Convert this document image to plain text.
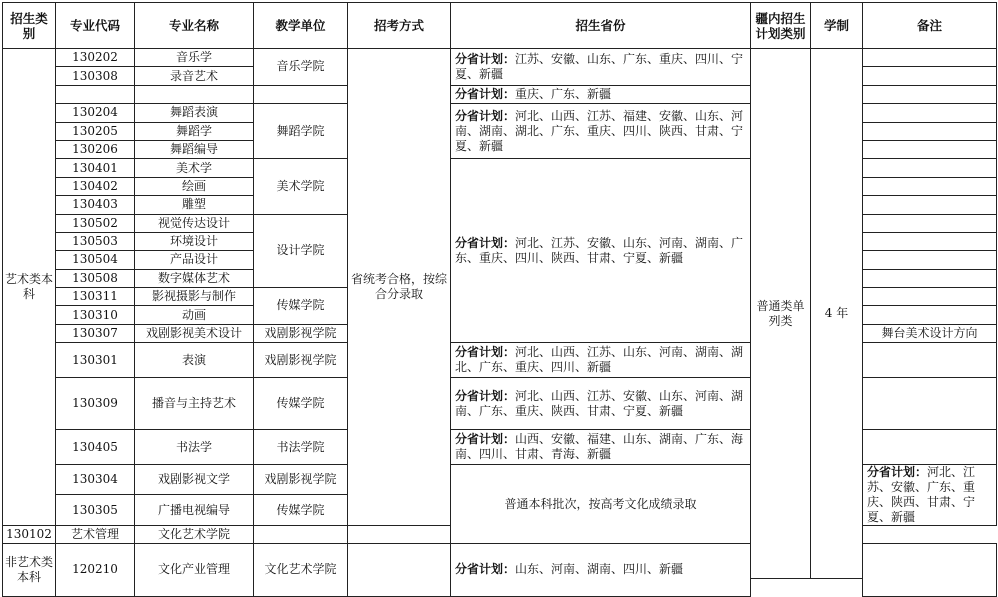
招生类别	专业代码	专业名称	教学单位	招考方式	招生省份	疆内招生计划类别	学制	备注	
艺术类本科	130202	音乐学	音乐学院	省统考合格，按综合分录取	分省计划：江苏、安徽、山东、广东、重庆、四川、宁夏、新疆	普通类单列类	4 年		
	130308	录音艺术							
					分省计划：重庆、广东、新疆				
	130204	舞蹈表演	舞蹈学院		分省计划：河北、山西、江苏、福建、安徽、山东、河南、湖南、湖北、广东、重庆、四川、陕西、甘肃、宁夏、新疆				
	130205	舞蹈学							
	130206	舞蹈编导							
	130401	美术学	美术学院		分省计划：河北、江苏、安徽、山东、河南、湖南、广东、重庆、四川、陕西、甘肃、宁夏、新疆				
	130402	绘画							
	130403	雕塑							
	130502	视觉传达设计	设计学院						
	130503	环境设计							
	130504	产品设计							
	130508	数字媒体艺术							
	130311	影视摄影与制作	传媒学院						
	130310	动画							
	130307	戏剧影视美术设计	戏剧影视学院					舞台美术设计方向	
	130301	表演	戏剧影视学院		分省计划：河北、山西、江苏、山东、河南、湖南、湖北、广东、重庆、四川、新疆				

	130309	播音与主持艺术	传媒学院		分省计划：河北、山西、江苏、安徽、山东、河南、湖南、广东、重庆、陕西、甘肃、宁夏、新疆				

	130405	书法学	书法学院		分省计划：山西、安徽、福建、山东、湖南、广东、海南、四川、甘肃、青海、新疆				

	130304	戏剧影视文学	戏剧影视学院		普通本科批次，按高考文化成绩录取			分省计划：河北、江苏、安徽、广东、重庆、陕西、甘肃、宁夏、新疆	
	130305	广播电视编导	传媒学院						
130102	艺术管理	文化艺术学院							
非艺术类本科	120210	文化产业管理	文化艺术学院		分省计划：山东、河南、湖南、四川、新疆				
